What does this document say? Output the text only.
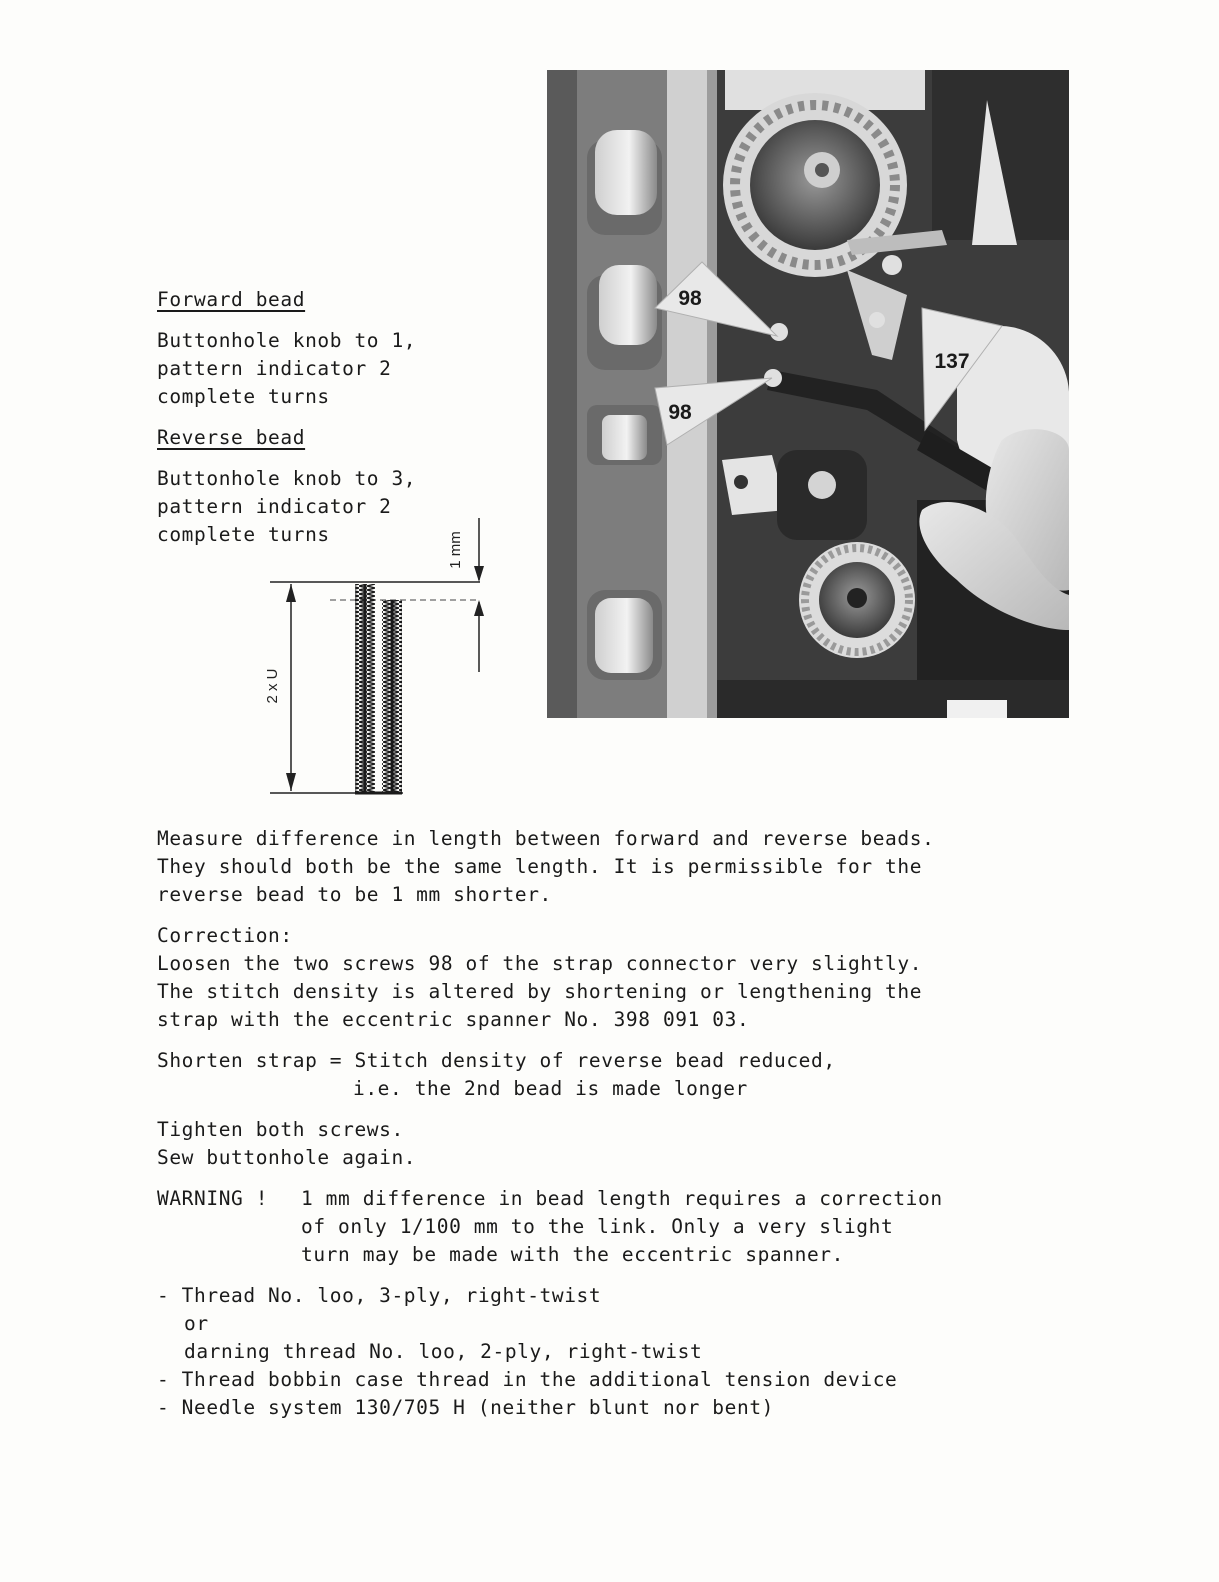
Forward bead
Buttonhole knob to 1,
pattern indicator 2
complete turns
Reverse bead
Buttonhole knob to 3,
pattern indicator 2
complete turns
2 x U
1 mm
98
98
137
Measure difference in length between forward and reverse beads.
They should both be the same length. It is permissible for the
reverse bead to be 1 mm shorter.
Correction:
Loosen the two screws 98 of the strap connector very slightly.
The stitch density is altered by shortening or lengthening the
strap with the eccentric spanner No. 398 091 03.
Shorten strap = Stitch density of reverse bead reduced,
i.e. the 2nd bead is made longer
Tighten both screws.
Sew buttonhole again.
WARNING ! 1 mm difference in bead length requires a correction
of only 1/100 mm to the link. Only a very slight
turn may be made with the eccentric spanner.
- Thread No. loo, 3-ply, right-twist
or
darning thread No. loo, 2-ply, right-twist
- Thread bobbin case thread in the additional tension device
- Needle system 130/705 H (neither blunt nor bent)
